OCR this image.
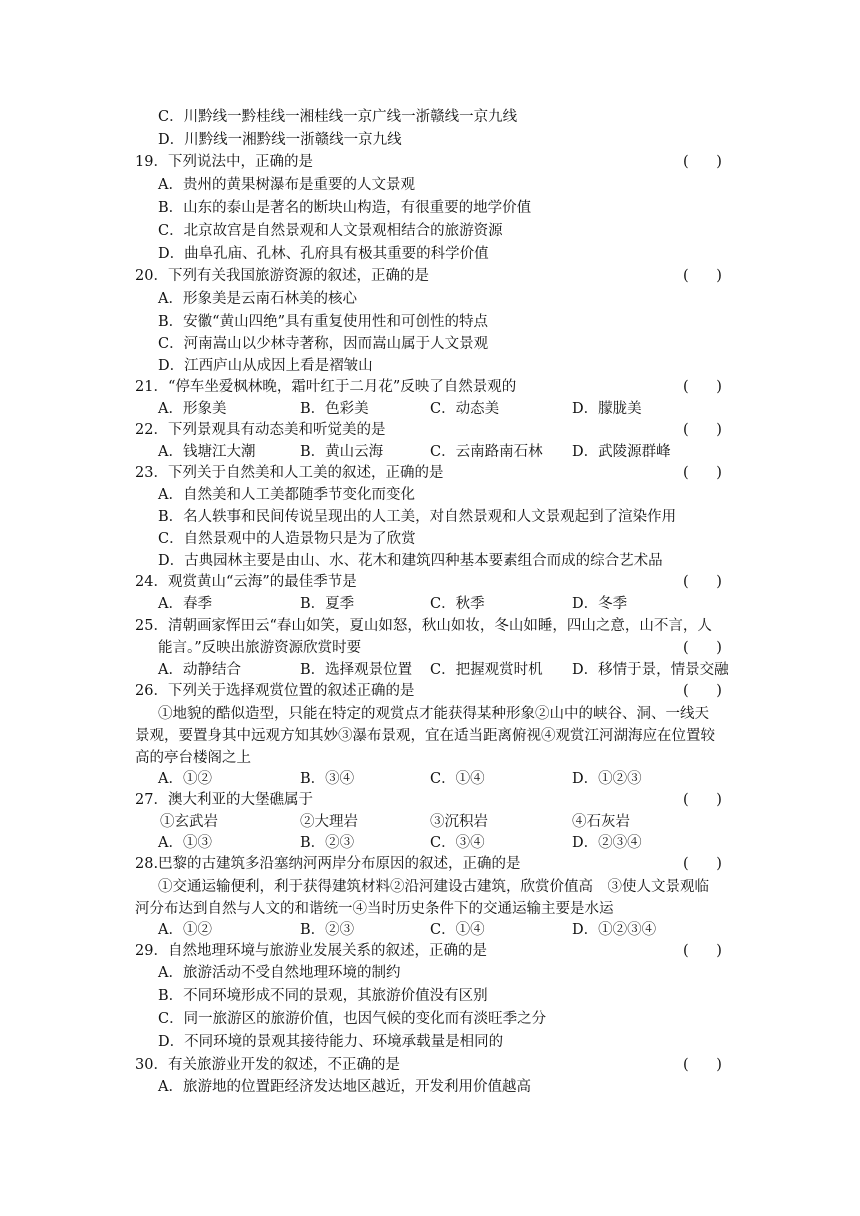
C．川黔线一黔桂线一湘桂线一京广线一浙赣线一京九线
D．川黔线一湘黔线一浙赣线一京九线
19．下列说法中，正确的是	(      )
A．贵州的黄果树瀑布是重要的人文景观
B．山东的泰山是著名的断块山构造，有很重要的地学价值
C．北京故宫是自然景观和人文景观相结合的旅游资源
D．曲阜孔庙、孔林、孔府具有极其重要的科学价值
20．下列有关我国旅游资源的叙述，正确的是	(      )
A．形象美是云南石林美的核心
B．安徽“黄山四绝”具有重复使用性和可创性的特点
C．河南嵩山以少林寺著称，因而嵩山属于人文景观
D．江西庐山从成因上看是褶皱山
21．“停车坐爱枫林晚，霜叶红于二月花”反映了自然景观的	(      )
A．形象美	B．色彩美	C．动态美	D．朦胧美
22．下列景观具有动态美和听觉美的是	(      )
A．钱塘江大潮	B．黄山云海	C．云南路南石林 D．武陵源群峰
23．下列关于自然美和人工美的叙述，正确的是	(      )
A．自然美和人工美都随季节变化而变化
B．名人轶事和民间传说呈现出的人工美，对自然景观和人文景观起到了渲染作用
C．自然景观中的人造景物只是为了欣赏
D．古典园林主要是由山、水、花木和建筑四种基本要素组合而成的综合艺术品
24．观赏黄山“云海”的最佳季节是	(      )
A．春季	B．夏季	C．秋季	D．冬季
25．清朝画家恽田云“春山如笑，夏山如怒，秋山如妆，冬山如睡，四山之意，山不言，人
能言。”反映出旅游资源欣赏时要	(      )
A．动静结合	B．选择观景位置 C．把握观赏时机 D．移情于景，情景交融
26．下列关于选择观赏位置的叙述正确的是	(      )
①地貌的酷似造型，只能在特定的观赏点才能获得某种形象②山中的峡谷、洞、一线天
景观，要置身其中远观方知其妙③瀑布景观，宜在适当距离俯视④观赏江河湖海应在位置较
高的亭台楼阁之上
A．①②	B．③④	C．①④	D．①②③
27．澳大利亚的大堡礁属于	(      )
①玄武岩	②大理岩	③沉积岩	④石灰岩
A．①③	B．②③	C．③④	D．②③④
28.巴黎的古建筑多沿塞纳河两岸分布原因的叙述，正确的是	(      )
①交通运输便利，利于获得建筑材料②沿河建设古建筑，欣赏价值高　③使人文景观临
河分布达到自然与人文的和谐统一④当时历史条件下的交通运输主要是水运
A．①②	B．②③	C．①④	D．①②③④
29．自然地理环境与旅游业发展关系的叙述，正确的是	(      )
A．旅游活动不受自然地理环境的制约
B．不同环境形成不同的景观，其旅游价值没有区别
C．同一旅游区的旅游价值，也因气候的变化而有淡旺季之分
D．不同环境的景观其接待能力、环境承载量是相同的
30．有关旅游业开发的叙述，不正确的是	(      )
A．旅游地的位置距经济发达地区越近，开发利用价值越高
